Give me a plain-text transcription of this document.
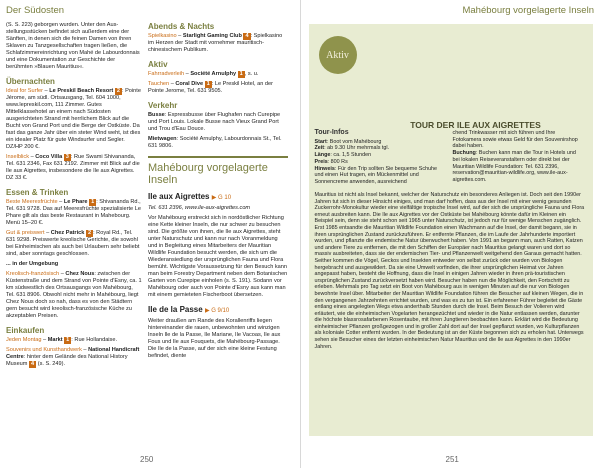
Der Südosten

(S. S. 223) geborgen wurden. Unter den Aus-stellungsstücken befindet sich außerdem eine der Sänften, in denen sich die feinen Damen von ihren Sklaven zu Tanzgesellschaften tragen ließen, die Schlafzimmereinrichtung von Mahé de Labourdonnais und eine Dokumentation zur Geschichte der berühmten »Blauen Mauritius«.

Übernachten

Ideal for Surfer – Le Preskil Beach Resort 2 : Pointe Jérome, am südl. Ortsausgang, Tel. 604 1000, www.lepreskil.com, 111 Zimmer. Gutes Mittelklassehotel an einem nach Südosten ausgerichteten Strand mit herrlichem Blick auf die Bucht von Grand Port und die Berge der Ostküste. Da fast das ganze Jahr über ein steter Wind weht, ist dies ein idealer Platz für gute Windsurfer und Segler. DZ/HP 200 €.

Inselblick – Coco Villa 3 : Rue Swami Shivananda, Tel. 631 2346, Fax 631 2192. Zimmer mit Blick auf die Ile aux Aigrettes, insbesondere die Ile aux Aigrettes. DZ 33 €.

Essen & Trinken

Beste Meeresfrüchte – Le Phare 1 : Shivananda Rd., Tel. 631 9728. Das auf Meeresfrüchte spezialisierte Le Phare gilt als das beste Restaurant in Mahebourg. Menü 15–20 €.

Gut & preiswert – Chez Patrick 2 : Royal Rd., Tel. 631 9298. Preiswerte kreolische Gerichte, die sowohl bei Einheimischen als auch bei Urlaubern sehr beliebt sind, aber sonntags geschlossen.

... in der Umgebung

Kreolisch-französisch – Chez Nous: zwischen der Küstenstraße und dem Strand von Pointe d'Esny, ca. 1 km südwestlich des Ortsausgangs von Mahébourg, Tel. 631 8906. Obwohl nicht mehr in Mahébourg, liegt Chez Nous doch so nah, dass es von den Städtern gern besucht wird kreolisch-französische Küche zu akzeptablen Preisen.

Einkaufen

Jeden Montag – Markt 1 : Rue Hollandaise.

Souvenirs und Kunsthandwerk – National Handicraft Centre: hinter dem Gelände des National History Museum 4 (s. S. 249).

Abends & Nachts

Spielkasino – Starlight Gaming Club 4 : Spielkasino im Herzen der Stadt mit vornehmer mauritisch-chinesischem Publikum.

Aktiv

Fahrradverleih – Société Arnulphy 1 , s. u.

Tauchen – Coral Dive 1 : Le Preskil Hotel, an der Pointe Jerome, Tel. 631 9505.

Verkehr

Busse: Expressbusse über Flughafen nach Curepipe und Port Louis. Lokale Busse nach Vieux Grand Port und Trou d'Eau Douce.

Mietwagen: Société Arnulphy, Labourdonnais St., Tel. 631 9806.

Mahébourg vorgelagerte Inseln
Ile aux Aigrettes ▶ G 10

Tel. 631 2396, www.ile-aux-aigrettes.com

Vor Mahébourg erstreckt sich in nordöstlicher Richtung eine Kette kleiner Inseln, die nur schwer zu besuchen sind. Die größte von ihnen, die Ile aux Aigrettes, steht unter Naturschutz und kann nur nach Voranmeldung und in Begleitung eines Mitarbeiters der Mauritian Wildlife Foundation besucht werden, die sich um die Wiederansiedlung der ursprünglichen Fauna und Flora bemüht. Wichtigste Voraussetzung für den Besuch kann man beim Forestry Department neben dem Botanischen Garten von Curepipe einholen (s. S. 191). Sodann vor Mahébourg oder auch von Pointe d'Esny aus kann man mit einem gemieteten Fischerboot übersetzen.

Ile de la Passe ▶ G 9/10

Weiter draußen am Rande des Korallenriffs liegen hintereinander die rauen, unbewohnten und winzigen Inseln Ile de la Passe, Ile Mariane, Ile Vacoas, Ile aux Fous und Ile aux Fouquets, die Mahébourg-Passage. Die Ile de la Passe, auf der sich eine kleine Festung befindet, diente

250
Mahébourg vorgelagerte Inseln
Aktiv
TOUR DER ILE AUX AIGRETTES
Tour-Infos
Start: Boot vom Mahébourg
Zeit: ab 9.30 Uhr mehrmals tgl.
Länge: ca. 1,5 Stunden
Preis: 800 Rs
Hinweis: Für den Trip sollten Sie bequeme Schuhe und einen Hut tragen, ein Mückenmittel und Sonnencreme anwenden, ausreichend
chend Trinkwasser mit sich führen und Ihre Fotokamera sowie etwas Geld für den Souvenirshop dabei haben.
Buchung: Buchen kann man die Tour in Hotels und bei lokalen Reiseveranstaltern oder direkt bei der Mauritian Wildlife Foundation: Tel. 631 2396, reservation@mauritian-wildlife.org, www.ile-aux-aigrettes.com.
Mauritius ist nicht als Insel bekannt, welcher der Naturschutz ein besonderes Anliegen ist. Doch seit den 1990er Jahren tut sich in dieser Hinsicht einiges, und man darf hoffen, dass aus der Insel mit einer wenig gesunden Zuckerrohr-Monokultur wieder eine vielfältige tropische Insel wird, auf der sich die ursprüngliche Fauna und Flora erneut ausbreiten kann. Die Ile aux Aigrettes vor der Ostküste bei Mahébourg könnte dafür im Kleinen ein Beispiel sein, denn sie steht schon seit 1965 unter Naturschutz, ist jedoch nur für wenige Menschen zugänglich. Erst 1985 entsandte die Mauritian Wildlife Foundation einen Wachmann auf die Insel, der damit begann, sie in ihren ursprünglichen Zustand zurückzuführen. Er entfernte Pflanzen, die im Laufe der Jahrhunderte importiert wurden, und pflanzte die endemische Natur überwuchert haben. Von 1991 an begann man, auch Ratten, Katzen und andere Tiere zu entfernen, die mit den Schiffen der Europäer nach Mauritius gelangt waren und dort so massiv ausbreiteten, dass sie der endemischen Tier- und Pflanzenwelt weitgehend den Garaus gemacht hatten. Seither kommen die Vögel, Geckos und Insekten entweder von selbst zurück oder wurden von Biologen hergebracht und ausgewildert. Da sie eine Umwelt vorfinden, die ihrer ursprünglichen Heimat vor Jahren angepasst haben, besteht die Hoffnung, dass die Insel in einigen Jahren wieder in ihren prä-touristischen ursprünglichen Zustand zurückversetzt haben wird. Besucher haben nun die Möglichkeit, den Fortschritt zu erleben. Mehrmals pro Tag setzt ein Boot von Mahébourg aus in wenigen Minuten auf die nur von Biologen bewohnte Insel über. Mitarbeiter der Mauritian Wildlife Foundation führen die Besucher auf kleinen Wegen, die in den vergangenen Jahrzehnten errichtet wurden, und was es zu tun ist. Ein erfahrener Führer begleitet die Gäste entlang eines angelegten Wegs etwa anderthalb Stunden durch die Insel. Beim Besuch der Volieren wird erläutert, wie die einheimischen Vogelarten herangezüchtet und wieder in die Natur entlassen werden, darunter die höchste blassrosafarbenen Rosentaube, mit ihren Jungtieren beobachten kann. Erklärt wird die Bedeutung einheimischer Pflanzen großgezogen und in großer Zahl dort auf der Insel gepflanzt wurden, wo Kulturpflanzen als koloniale Cotter entfernt wurden. In der Bedeutung ist an der Küste begonnen sich zu erholen hat. Unterwegs sehen sie Besucher eines der letzten einheimischen Natur Mauritius und die Ile aux Aigrettes in den 1990er Jahren.
251
